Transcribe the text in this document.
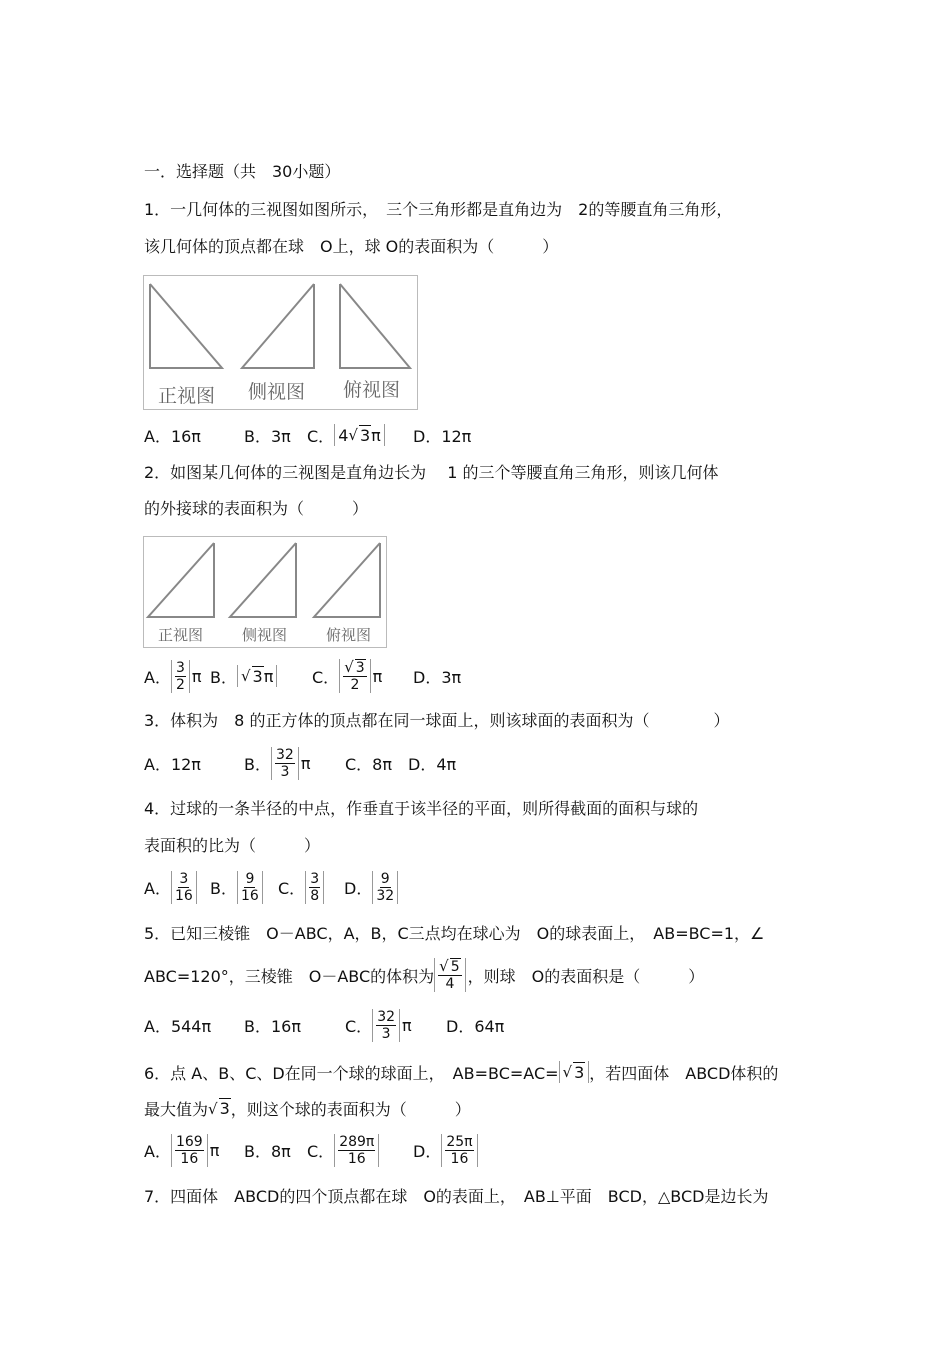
一．选择题（共　30小题）
1．一几何体的三视图如图所示，　三个三角形都是直角边为　2的等腰直角三角形，
该几何体的顶点都在球　O上，球 O的表面积为（　　　）
正视图 侧视图 俯视图
A．16π	B．3π C． 4 √ 3 π D．12π
2．如图某几何体的三视图是直角边长为　 1 的三个等腰直角三角形，则该几何体
的外接球的表面积为（　　　）
正视图	侧视图	俯视图
A． $\frac{3}{2}$ π B． √ 3 π C． $\frac{√ 3}{2}$ π D．3π
3．体积为　8 的正方体的顶点都在同一球面上，则该球面的表面积为（　　　　）
A．12π	B． $\frac{32}{3}$ π C．8π D．4π
4．过球的一条半径的中点，作垂直于该半径的平面，则所得截面的面积与球的
表面积的比为（　　　）
A． $\frac{3}{16}$ B． $\frac{9}{16}$ C． $\frac{3}{8}$ D． $\frac{9}{32}$
5．已知三棱锥　O－ABC，A，B，C三点均在球心为　O的球表面上，　AB=BC=1，∠
ABC=120°，三棱锥　O－ABC的体积为 $\frac{√ 5}{4}$ ，则球　O的表面积是（　　　）
A．544π B．16π	C． $\frac{32}{3}$ π D．64π
6．点 A、B、C、D在同一个球的球面上，　AB=BC=AC= √ 3 ，若四面体　ABCD体积的
最大值为 √ 3 ，则这个球的表面积为（　　　）
A． $\frac{169}{16}$ π B．8π C． $\frac{289\pi}{16}$ D． $\frac{25\pi}{16}$
7．四面体　ABCD的四个顶点都在球　O的表面上，　AB⊥平面　BCD，△BCD是边长为
